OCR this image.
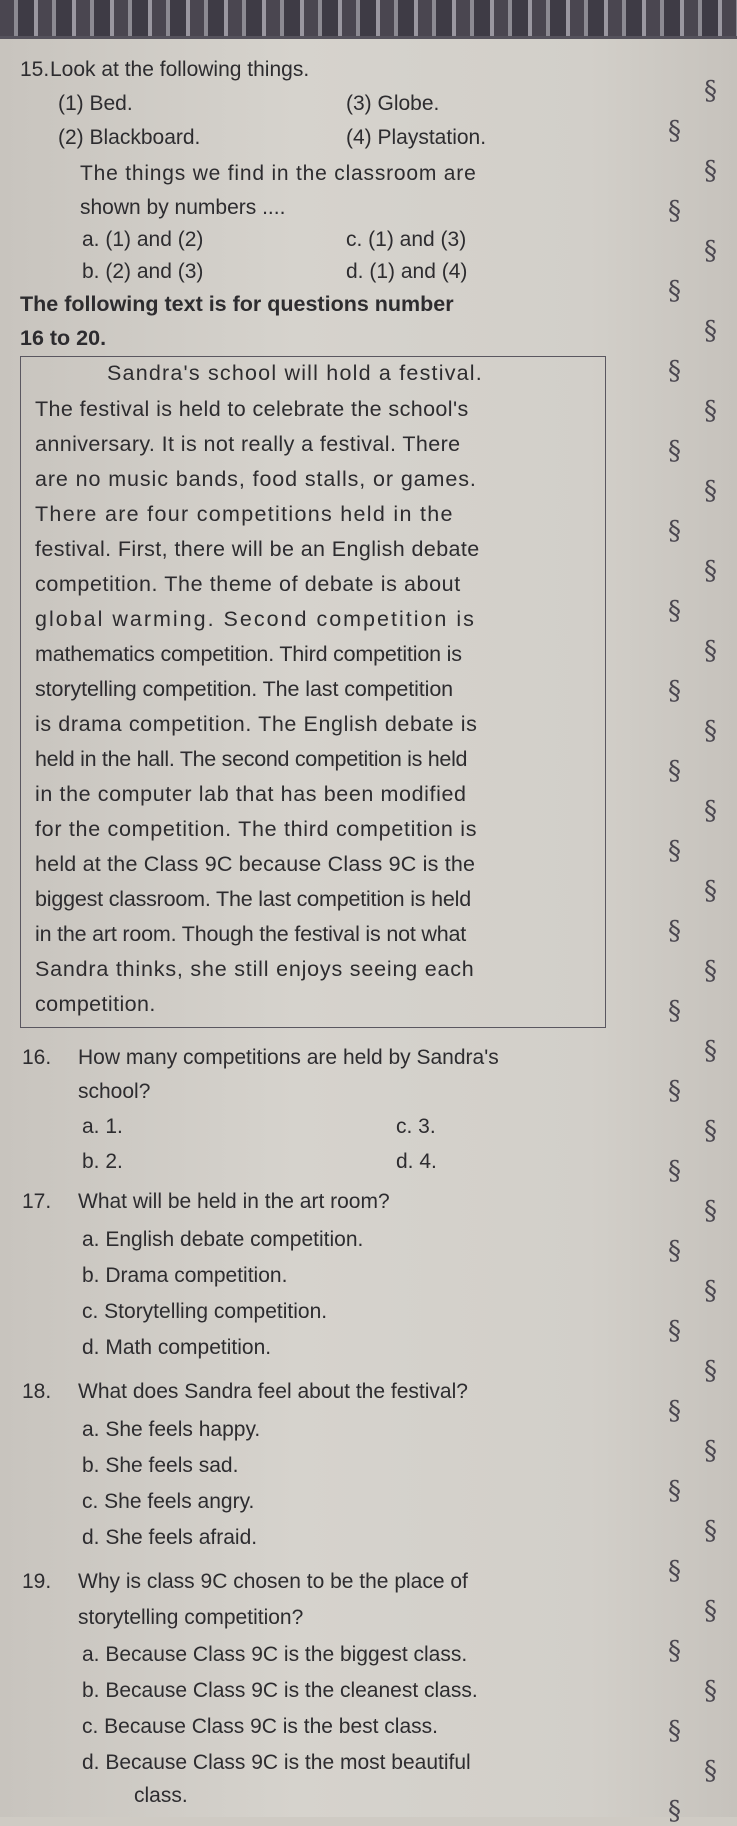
§
§
§
§
§
§
§
§
§
§
§
§
§
§
§
§
§
§
§
§
§
§
§
§
§
§
§
§
§
§
§
§
§
§
§
§
§
§
§
§
§
§
§
§
15. Look at the following things.
(1) Bed.	(3) Globe.
(2) Blackboard.	(4) Playstation.
The things we find in the classroom are
shown by numbers ....
a. (1) and (2)	c. (1) and (3)
b. (2) and (3)	d. (1) and (4)
The following text is for questions number
16 to 20.
Sandra's school will hold a festival.
The festival is held to celebrate the school's
anniversary. It is not really a festival. There
are no music bands, food stalls, or games.
There are four competitions held in the
festival. First, there will be an English debate
competition. The theme of debate is about
global warming. Second competition is
mathematics competition. Third competition is
storytelling competition. The last competition
is drama competition. The English debate is
held in the hall. The second competition is held
in the computer lab that has been modified
for the competition. The third competition is
held at the Class 9C because Class 9C is the
biggest classroom. The last competition is held
in the art room. Though the festival is not what
Sandra thinks, she still enjoys seeing each
competition.
16. How many competitions are held by Sandra's
school?
a. 1.	c. 3.
b. 2.	d. 4.
17. What will be held in the art room?
a. English debate competition.
b. Drama competition.
c. Storytelling competition.
d. Math competition.
18. What does Sandra feel about the festival?
a. She feels happy.
b. She feels sad.
c. She feels angry.
d. She feels afraid.
19. Why is class 9C chosen to be the place of
storytelling competition?
a. Because Class 9C is the biggest class.
b. Because Class 9C is the cleanest class.
c. Because Class 9C is the best class.
d. Because Class 9C is the most beautiful
class.
